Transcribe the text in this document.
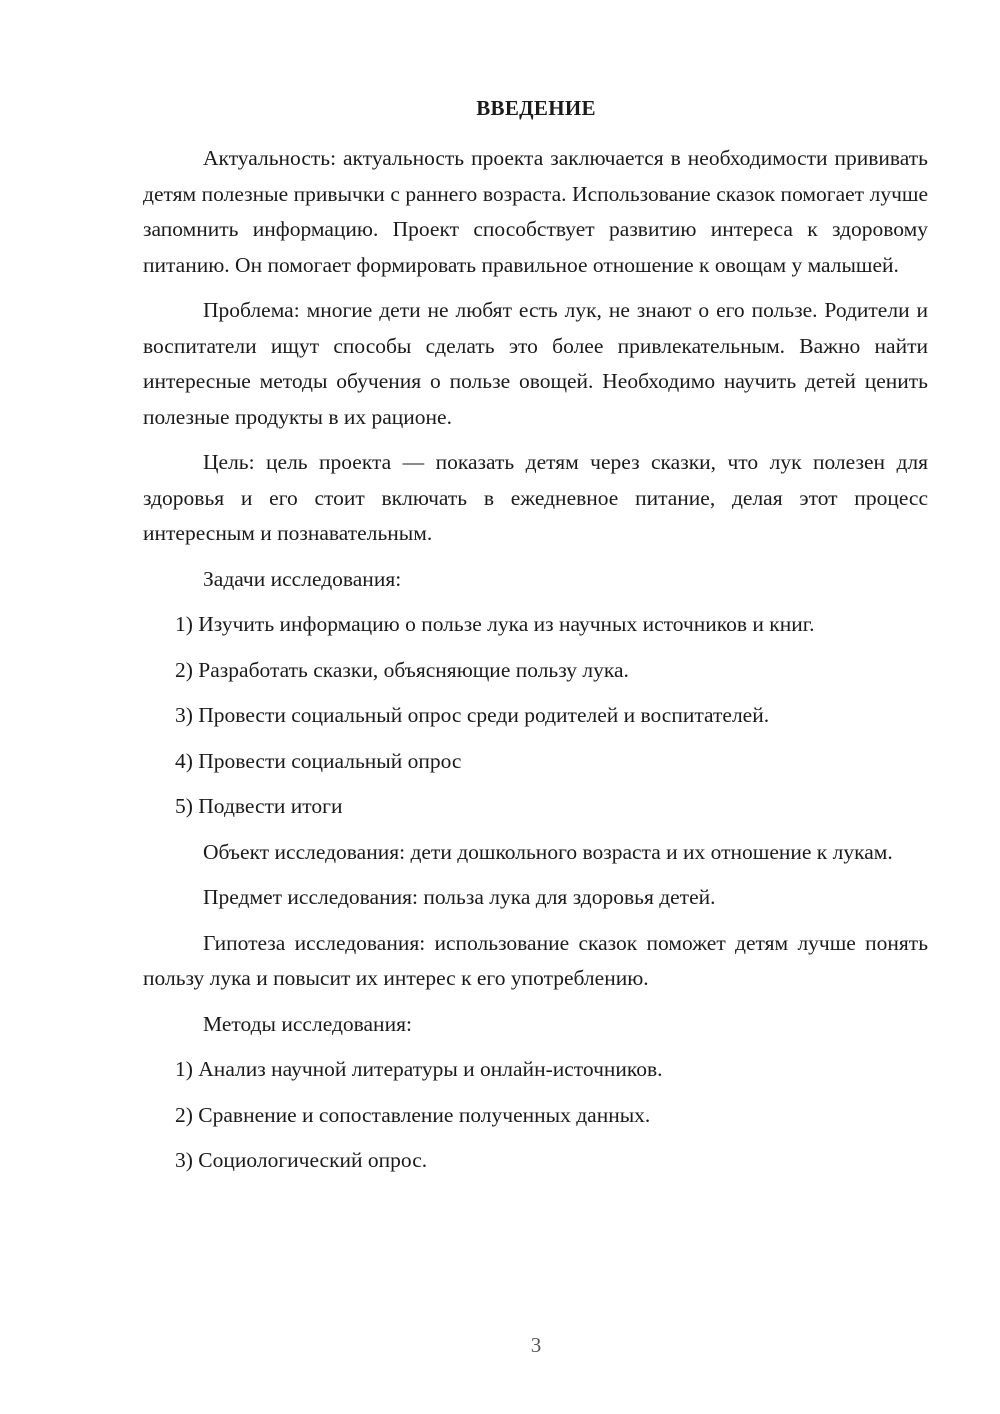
ВВЕДЕНИЕ

Актуальность: актуальность проекта заключается в необходимости прививать детям полезные привычки с раннего возраста. Использование сказок помогает лучше запомнить информацию. Проект способствует развитию интереса к здоровому питанию. Он помогает формировать правильное отношение к овощам у малышей.

Проблема: многие дети не любят есть лук, не знают о его пользе. Родители и воспитатели ищут способы сделать это более привлекательным. Важно найти интересные методы обучения о пользе овощей. Необходимо научить детей ценить полезные продукты в их рационе.

Цель: цель проекта — показать детям через сказки, что лук полезен для здоровья и его стоит включать в ежедневное питание, делая этот процесс интересным и познавательным.

Задачи исследования:

1) Изучить информацию о пользе лука из научных источников и книг.

2) Разработать сказки, объясняющие пользу лука.

3) Провести социальный опрос среди родителей и воспитателей.

4) Провести социальный опрос

5) Подвести итоги

Объект исследования: дети дошкольного возраста и их отношение к лукам.

Предмет исследования: польза лука для здоровья детей.

Гипотеза исследования: использование сказок поможет детям лучше понять пользу лука и повысит их интерес к его употреблению.

Методы исследования:

1) Анализ научной литературы и онлайн-источников.

2) Сравнение и сопоставление полученных данных.

3) Социологический опрос.

3
